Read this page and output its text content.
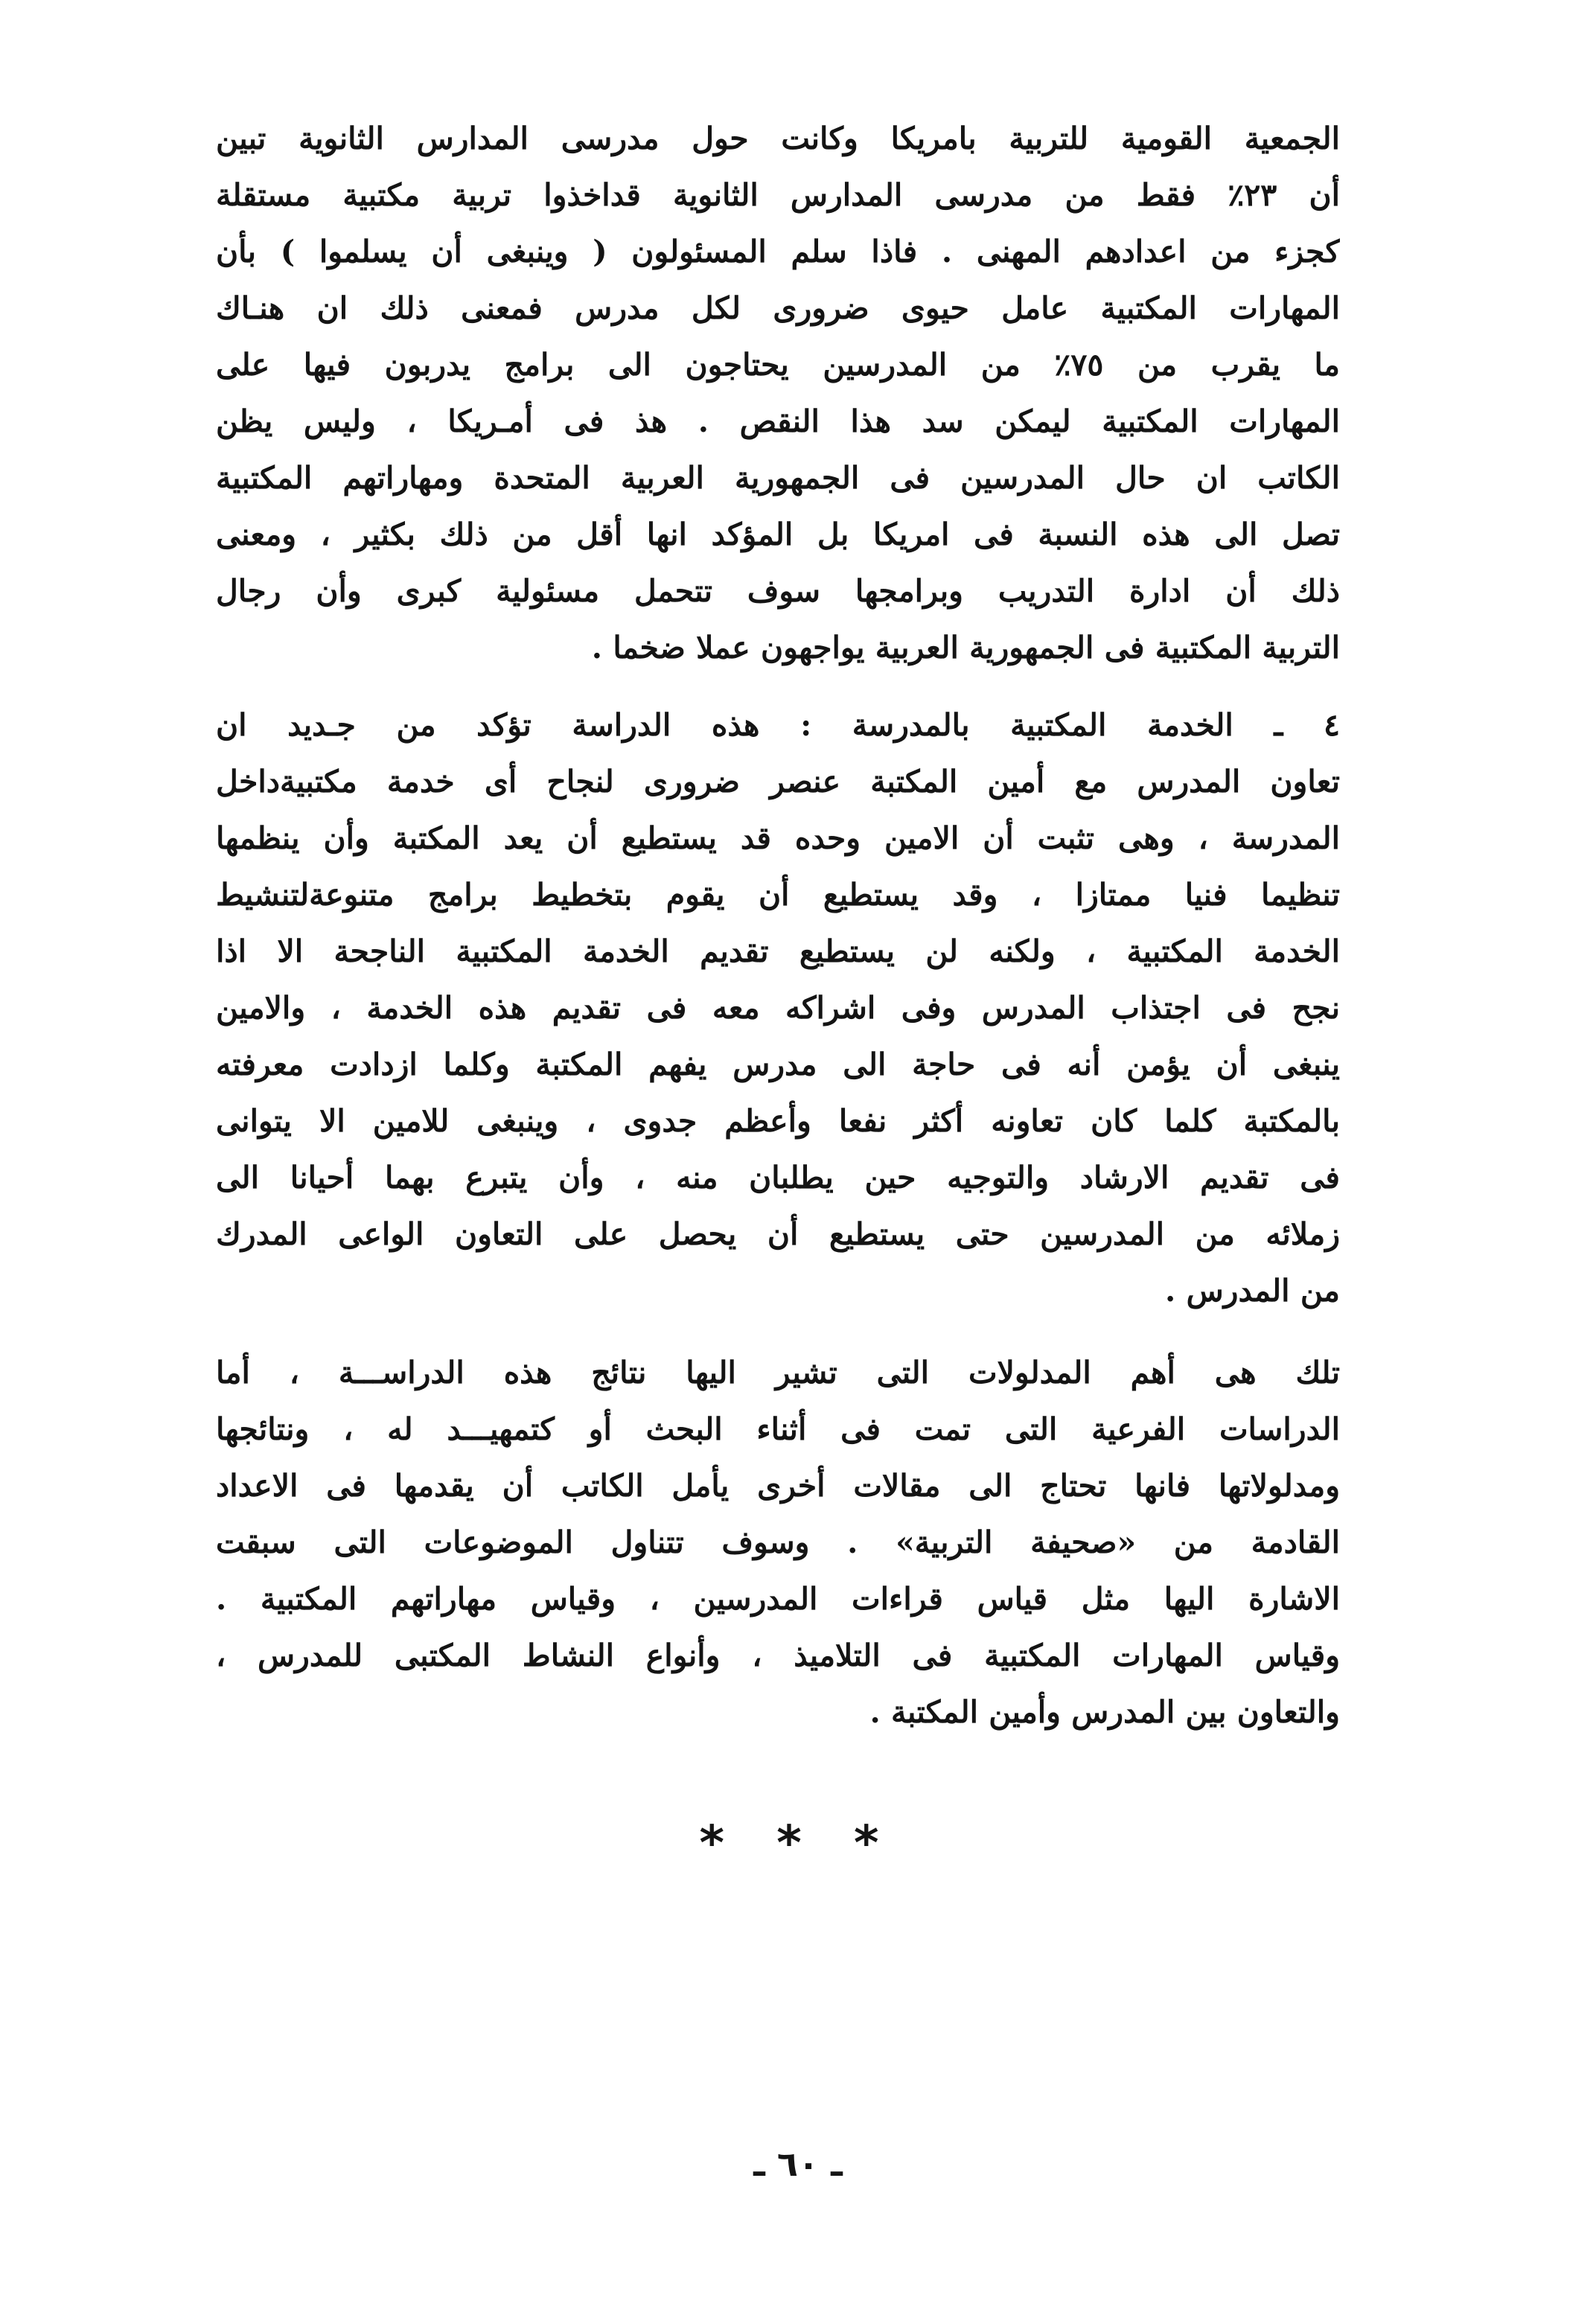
الجمعية القومية للتربية بامريكا وكانت حول مدرسى المدارس الثانوية تبين
أن ٢٣٪ فقط من مدرسى المدارس الثانوية قداخذوا تربية مكتبية مستقلة
كجزء من اعدادهم المهنى . فاذا سلم المسئولون ( وينبغى أن يسلموا ) بأن
المهارات المكتبية عامل حيوى ضرورى لكل مدرس فمعنى ذلك ان هنـاك
ما يقرب من ٧٥٪ من المدرسين يحتاجون الى برامج يدربون فيها على
المهارات المكتبية ليمكن سد هذا النقص . هذ فى أمـريكا ، وليس يظن
الكاتب ان حال المدرسين فى الجمهورية العربية المتحدة ومهاراتهم المكتبية
تصل الى هذه النسبة فى امريكا بل المؤكد انها أقل من ذلك بكثير ، ومعنى
ذلك أن ادارة التدريب وبرامجها سوف تتحمل مسئولية كبرى وأن رجال
التربية المكتبية فى الجمهورية العربية يواجهون عملا ضخما .
٤ ـ الخدمة المكتبية بالمدرسة : هذه الدراسة تؤكد من جـديد ان
تعاون المدرس مع أمين المكتبة عنصر ضرورى لنجاح أى خدمة مكتبيةداخل
المدرسة ، وهى تثبت أن الامين وحده قد يستطيع أن يعد المكتبة وأن ينظمها
تنظيما فنيا ممتازا ، وقد يستطيع أن يقوم بتخطيط برامج متنوعةلتنشيط
الخدمة المكتبية ، ولكنه لن يستطيع تقديم الخدمة المكتبية الناجحة الا اذا
نجح فى اجتذاب المدرس وفى اشراكه معه فى تقديم هذه الخدمة ، والامين
ينبغى أن يؤمن أنه فى حاجة الى مدرس يفهم المكتبة وكلما ازدادت معرفته
بالمكتبة كلما كان تعاونه أكثر نفعا وأعظم جدوى ، وينبغى للامين الا يتوانى
فى تقديم الارشاد والتوجيه حين يطلبان منه ، وأن يتبرع بهما أحيانا الى
زملائه من المدرسين حتى يستطيع أن يحصل على التعاون الواعى المدرك
من المدرس .
تلك هى أهم المدلولات التى تشير اليها نتائج هذه الدراســـة ، أما
الدراسات الفرعية التى تمت فى أثناء البحث أو كتمهيـــد له ، ونتائجها
ومدلولاتها فانها تحتاج الى مقالات أخرى يأمل الكاتب أن يقدمها فى الاعداد
القادمة من «صحيفة التربية» . وسوف تتناول الموضوعات التى سبقت
الاشارة اليها مثل قياس قراءات المدرسين ، وقياس مهاراتهم المكتبية .
وقياس المهارات المكتبية فى التلاميذ ، وأنواع النشاط المكتبى للمدرس ،
والتعاون بين المدرس وأمين المكتبة .
* * *
ـ ٦٠ ـ
